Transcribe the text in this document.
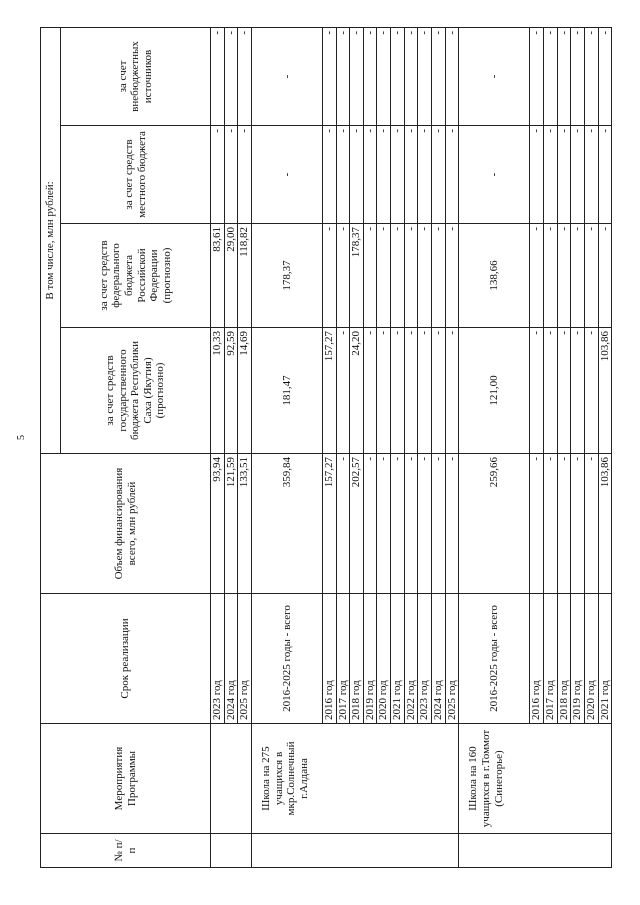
5
№ п/п	Мероприятия Программы	Срок реализации	Объем финансирования всего, млн рублей	В том числе, млн рублей:			
				за счет средств государственного бюджета Республики Саха (Якутия) (прогнозно)	за счет средств федерального бюджета Российской Федерации (прогнозно)	за счет средств местного бюджета	за счет внебюджетных источников
		2023 год	93,94	10,33	83,61	-	-
		2024 год	121,59	92,59	29,00	-	-
		2025 год	133,51	14,69	118,82	-	-
	Школа на 275 учащихся в мкр.Солнечный г.Алдана	2016-2025 годы - всего	359,84	181,47	178,37	-	-
		2016 год	157,27	157,27	-	-	-
		2017 год	-	-	-	-	-
		2018 год	202,57	24,20	178,37	-	-
		2019 год	-	-	-	-	-
		2020 год	-	-	-	-	-
		2021 год	-	-	-	-	-
		2022 год	-	-	-	-	-
		2023 год	-	-	-	-	-
		2024 год	-	-	-	-	-
		2025 год	-	-	-	-	-
	Школа на 160 учащихся в г.Томмот (Синегорье)	2016-2025 годы - всего	259,66	121,00	138,66	-	-
		2016 год	-	-	-	-	-
		2017 год	-	-	-	-	-
		2018 год	-	-	-	-	-
		2019 год	-	-	-	-	-
		2020 год	-	-	-	-	-
		2021 год	103,86	103,86	-	-	-
